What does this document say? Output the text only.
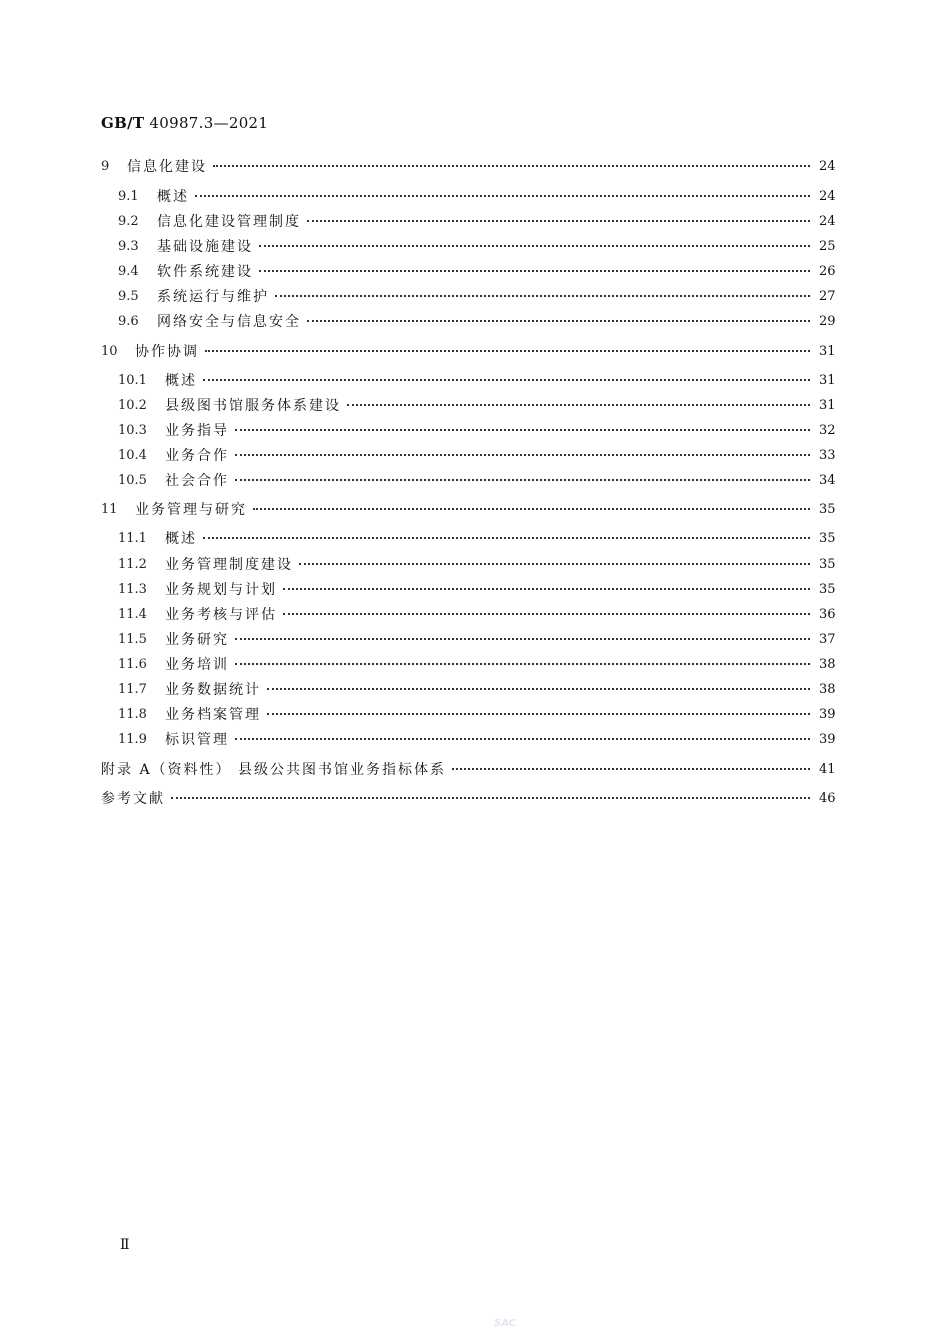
GB/T 40987.3—2021
9 信息化建设	24
9.1 概述	24
9.2 信息化建设管理制度	24
9.3 基础设施建设	25
9.4 软件系统建设	26
9.5 系统运行与维护	27
9.6 网络安全与信息安全	29
10 协作协调	31
10.1 概述	31
10.2 县级图书馆服务体系建设	31
10.3 业务指导	32
10.4 业务合作	33
10.5 社会合作	34
11 业务管理与研究	35
11.1 概述	35
11.2 业务管理制度建设	35
11.3 业务规划与计划	35
11.4 业务考核与评估	36
11.5 业务研究	37
11.6 业务培训	38
11.7 业务数据统计	38
11.8 业务档案管理	39
11.9 标识管理	39
附录 A（资料性） 县级公共图书馆业务指标体系	41
参考文献	46
Ⅱ
SAC
